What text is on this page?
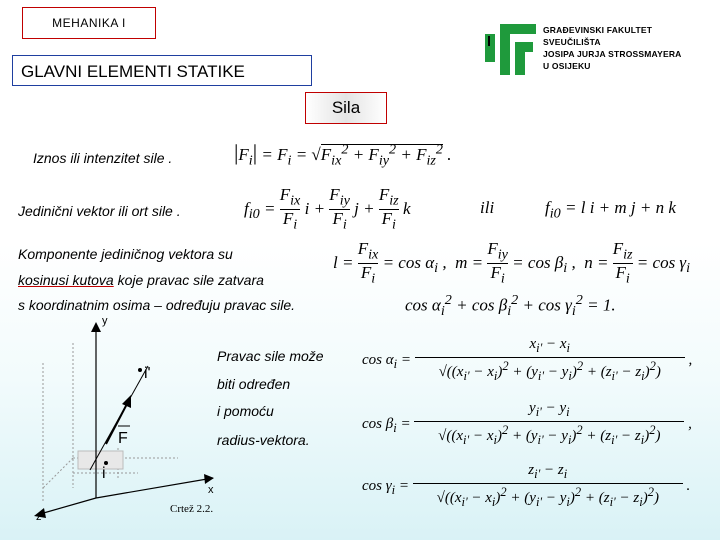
MEHANIKA I
GLAVNI ELEMENTI STATIKE
Sila
GRAĐEVINSKI FAKULTET
SVEUČILIŠTA
JOSIPA JURJA STROSSMAYERA
U OSIJEKU
Iznos ili intenzitet sile .
Jedinični vektor ili ort sile .
Komponente jediničnog vektora su
kosinusi kutova koje pravac sile zatvara
s koordinatnim osima – određuju pravac sile.
$|F_i| = F_i = √F_{ix}^2 + F_{iy}^2 + F_{iz}^2$ .
$f_{i0} = \frac{F_{ix}}{F_i}$ $i + \frac{F_{iy}}{F_i}$ $j + \frac{F_{iz}}{F_i}$ k	ili	$f_{i0} = l$ i + m j + n k
$l = \frac{F_{ix}}{F_i} = \cos \alpha_i$ ,  $m = \frac{F_{iy}}{F_i} = \cos \beta_i$ ,  $n = \frac{F_{iz}}{F_i} = \cos \gamma_i$
$\cos \alpha_i^2 + \cos \beta_i^2 + \cos \gamma_i^2 = 1$.
Pravac sile može
biti određen
i pomoću
radius-vektora.
$\cos \alpha_i = \frac{x_{i'} - x_i}{√((x_{i'} - x_i)^2 + (y_{i'} - y_i)^2 + (z_{i'} - z_i)^2)}$ ,
$\cos \beta_i = \frac{y_{i'} - y_i}{√((x_{i'} - x_i)^2 + (y_{i'} - y_i)^2 + (z_{i'} - z_i)^2)}$ ,
$\cos \gamma_i = \frac{z_{i'} - z_i}{√((x_{i'} - x_i)^2 + (y_{i'} - y_i)^2 + (z_{i'} - z_i)^2)}$ .
y
x
z
i
i'
F
Crtež 2.2.
